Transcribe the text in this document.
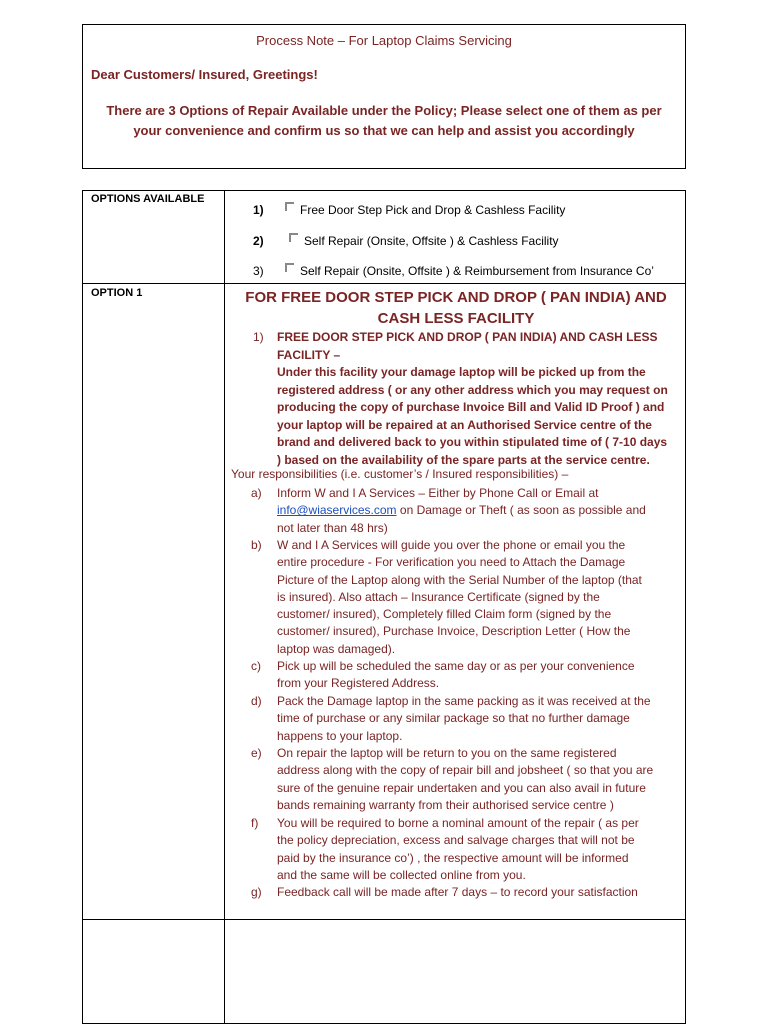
Process Note – For Laptop Claims Servicing
Dear Customers/ Insured, Greetings!
There are 3 Options of Repair Available under the Policy; Please select one of them as per
your convenience and confirm us so that we can help and assist you accordingly
OPTIONS AVAILABLE
1)	Free Door Step Pick and Drop & Cashless Facility
2)	Self Repair (Onsite, Offsite ) & Cashless Facility
3)	Self Repair (Onsite, Offsite ) & Reimbursement from Insurance Co’
OPTION 1	FOR FREE DOOR STEP PICK AND DROP ( PAN INDIA) AND
CASH LESS FACILITY
1) FREE DOOR STEP PICK AND DROP ( PAN INDIA) AND CASH LESS
FACILITY –
Under this facility your damage laptop will be picked up from the
registered address ( or any other address which you may request on
producing the copy of purchase Invoice Bill and Valid ID Proof ) and
your laptop will be repaired at an Authorised Service centre of the
brand and delivered back to you within stipulated time of ( 7-10 days
) based on the availability of the spare parts at the service centre.
Your responsibilities (i.e. customer’s / Insured responsibilities) –
a) Inform W and I A Services – Either by Phone Call or Email at
info@wiaservices.com on Damage or Theft ( as soon as possible and
not later than 48 hrs)
b) W and I A Services will guide you over the phone or email you the
entire procedure - For verification you need to Attach the Damage
Picture of the Laptop along with the Serial Number of the laptop (that
is insured). Also attach – Insurance Certificate (signed by the
customer/ insured), Completely filled Claim form (signed by the
customer/ insured), Purchase Invoice, Description Letter ( How the
laptop was damaged).
c) Pick up will be scheduled the same day or as per your convenience
from your Registered Address.
d) Pack the Damage laptop in the same packing as it was received at the
time of purchase or any similar package so that no further damage
happens to your laptop.
e) On repair the laptop will be return to you on the same registered
address along with the copy of repair bill and jobsheet ( so that you are
sure of the genuine repair undertaken and you can also avail in future
bands remaining warranty from their authorised service centre )
f) You will be required to borne a nominal amount of the repair ( as per
the policy depreciation, excess and salvage charges that will not be
paid by the insurance co’) , the respective amount will be informed
and the same will be collected online from you.
g) Feedback call will be made after 7 days – to record your satisfaction
